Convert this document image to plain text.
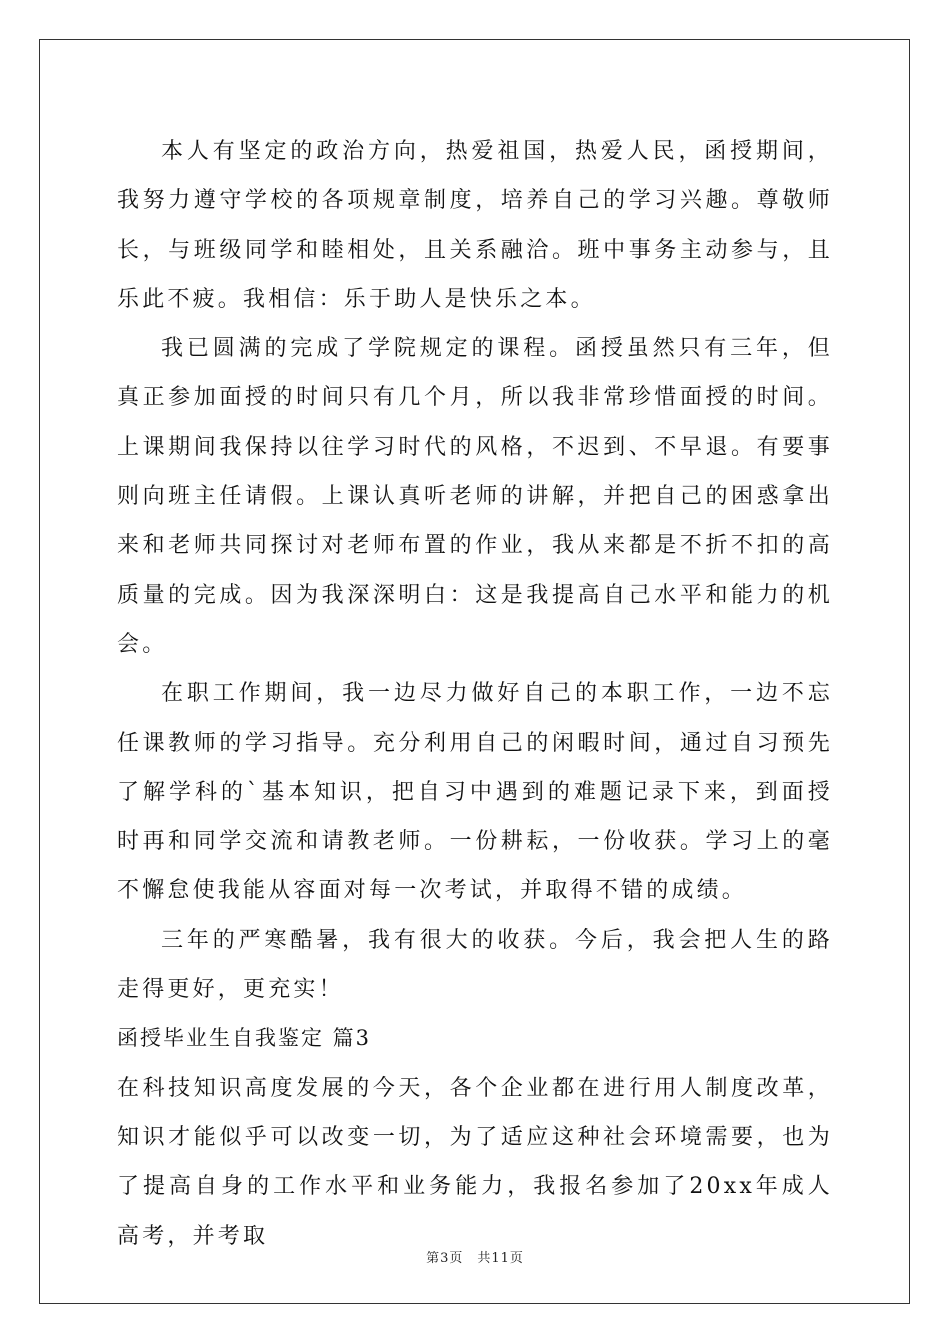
本人有坚定的政治方向，热爱祖国，热爱人民，函授期间，我努力遵守学校的各项规章制度，培养自己的学习兴趣。尊敬师长，与班级同学和睦相处，且关系融洽。班中事务主动参与，且乐此不疲。我相信：乐于助人是快乐之本。

我已圆满的完成了学院规定的课程。函授虽然只有三年，但真正参加面授的时间只有几个月，所以我非常珍惜面授的时间。上课期间我保持以往学习时代的风格，不迟到、不早退。有要事则向班主任请假。上课认真听老师的讲解，并把自己的困惑拿出来和老师共同探讨对老师布置的作业，我从来都是不折不扣的高质量的完成。因为我深深明白：这是我提高自己水平和能力的机会。

在职工作期间，我一边尽力做好自己的本职工作，一边不忘任课教师的学习指导。充分利用自己的闲暇时间，通过自习预先了解学科的`基本知识，把自习中遇到的难题记录下来，到面授时再和同学交流和请教老师。一份耕耘，一份收获。学习上的毫不懈怠使我能从容面对每一次考试，并取得不错的成绩。

三年的严寒酷暑，我有很大的收获。今后，我会把人生的路走得更好，更充实！

函授毕业生自我鉴定 篇3

在科技知识高度发展的今天，各个企业都在进行用人制度改革，知识才能似乎可以改变一切，为了适应这种社会环境需要，也为了提高自身的工作水平和业务能力，我报名参加了20xx年成人高考，并考取

第3页　共11页
